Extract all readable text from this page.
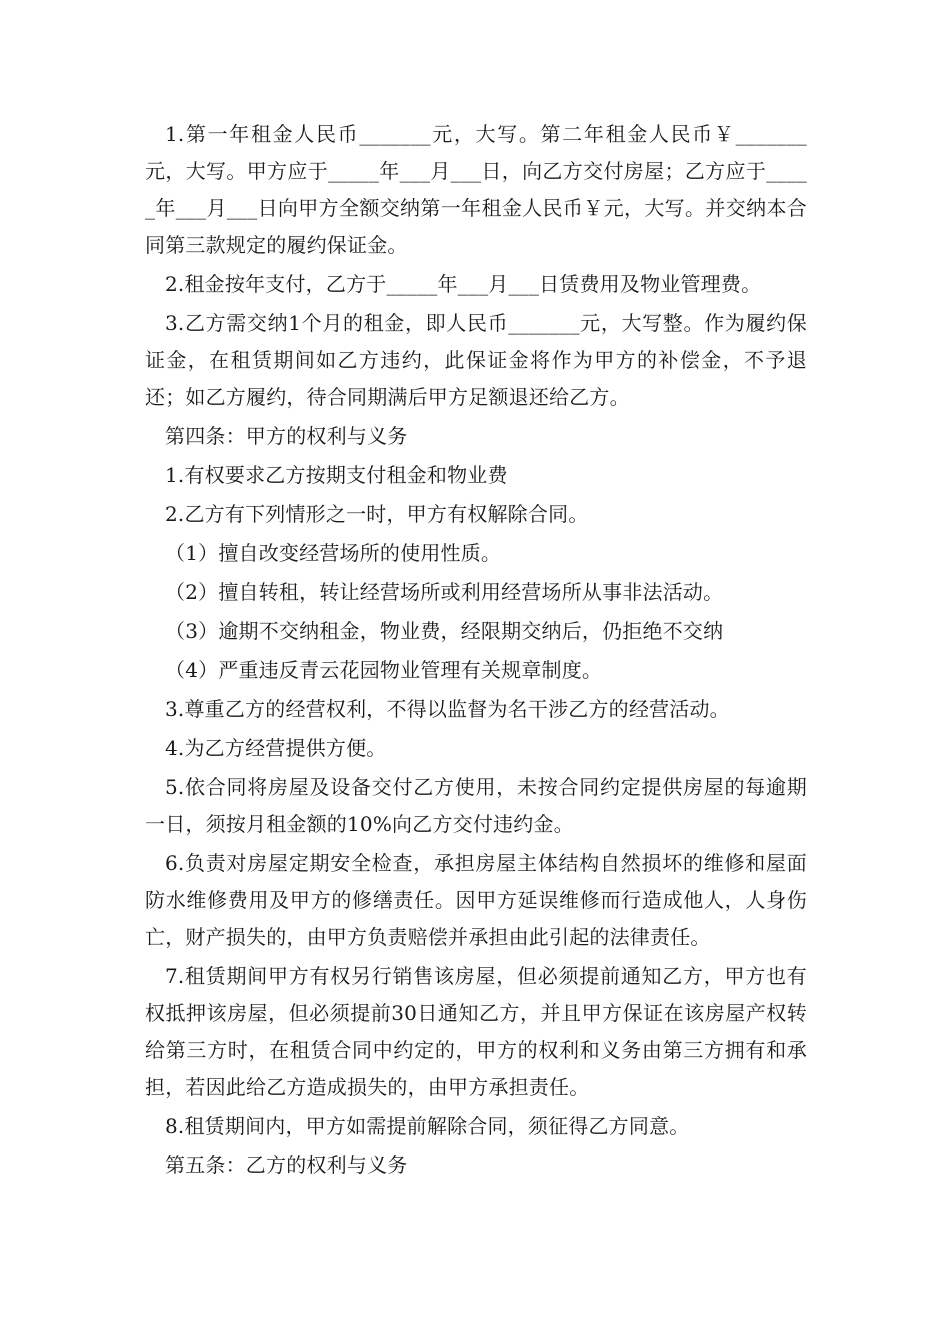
1.第一年租金人民币_______元，大写。第二年租金人民币￥_______元，大写。甲方应于_____年___月___日，向乙方交付房屋；乙方应于_____年___月___日向甲方全额交纳第一年租金人民币￥元，大写。并交纳本合同第三款规定的履约保证金。

2.租金按年支付，乙方于_____年___月___日赁费用及物业管理费。

3.乙方需交纳1个月的租金，即人民币_______元，大写整。作为履约保证金，在租赁期间如乙方违约，此保证金将作为甲方的补偿金，不予退还；如乙方履约，待合同期满后甲方足额退还给乙方。

第四条：甲方的权利与义务

1.有权要求乙方按期支付租金和物业费

2.乙方有下列情形之一时，甲方有权解除合同。

（1）擅自改变经营场所的使用性质。

（2）擅自转租，转让经营场所或利用经营场所从事非法活动。

（3）逾期不交纳租金，物业费，经限期交纳后，仍拒绝不交纳

（4）严重违反青云花园物业管理有关规章制度。

3.尊重乙方的经营权利，不得以监督为名干涉乙方的经营活动。

4.为乙方经营提供方便。

5.依合同将房屋及设备交付乙方使用，未按合同约定提供房屋的每逾期一日，须按月租金额的10%向乙方交付违约金。

6.负责对房屋定期安全检查，承担房屋主体结构自然损坏的维修和屋面防水维修费用及甲方的修缮责任。因甲方延误维修而行造成他人，人身伤亡，财产损失的，由甲方负责赔偿并承担由此引起的法律责任。

7.租赁期间甲方有权另行销售该房屋，但必须提前通知乙方，甲方也有权抵押该房屋，但必须提前30日通知乙方，并且甲方保证在该房屋产权转给第三方时，在租赁合同中约定的，甲方的权利和义务由第三方拥有和承担，若因此给乙方造成损失的，由甲方承担责任。

8.租赁期间内，甲方如需提前解除合同，须征得乙方同意。

第五条：乙方的权利与义务
